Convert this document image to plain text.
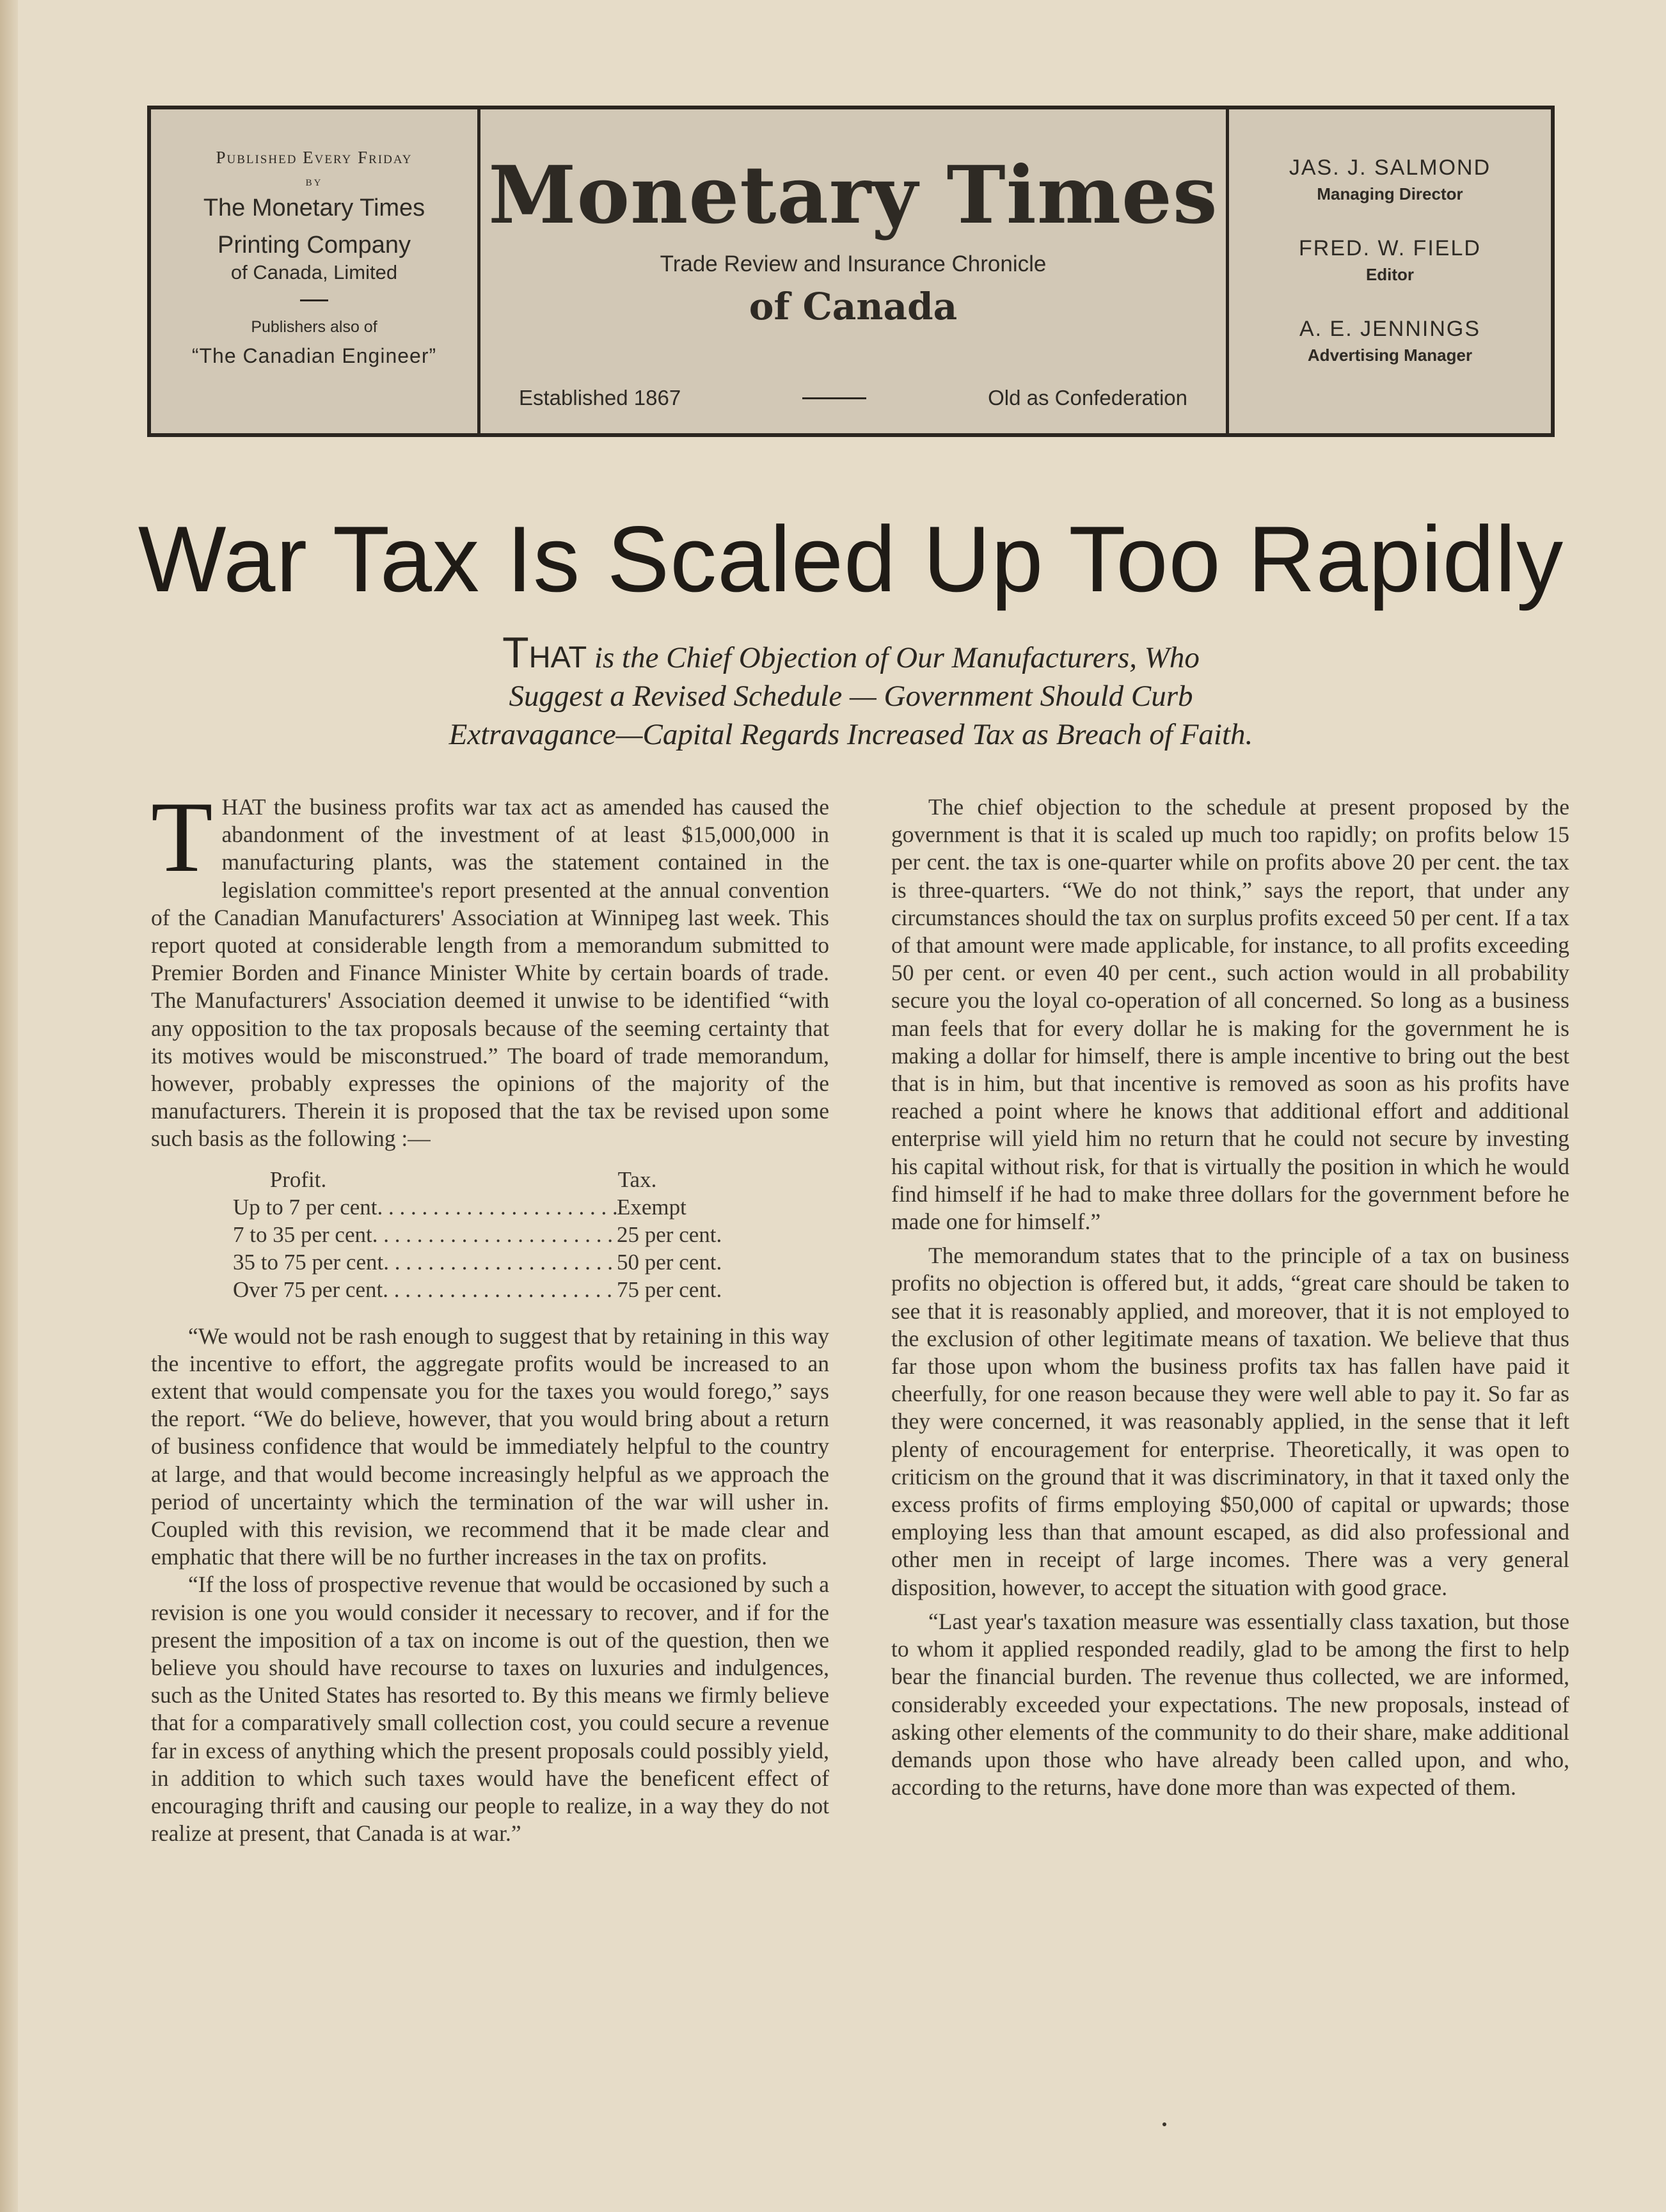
Published Every Friday
by
The Monetary Times
Printing Company
of Canada, Limited
Publishers also of
“The Canadian Engineer”
Monetary Times
Trade Review and Insurance Chronicle
of Canada
Established 1867	Old as Confederation
JAS. J. SALMOND
Managing Director
FRED. W. FIELD
Editor
A. E. JENNINGS
Advertising Manager
War Tax Is Scaled Up Too Rapidly
THAT is the Chief Objection of Our Manufacturers, Who
Suggest a Revised Schedule — Government Should Curb
Extravagance—Capital Regards Increased Tax as Breach of Faith.

THAT the business profits war tax act as amended has caused the abandonment of the investment of at least $15,000,000 in manufacturing plants, was the statement contained in the legislation committee's report presented at the annual convention of the Canadian Manufacturers' Association at Winnipeg last week. This report quoted at considerable length from a memorandum submitted to Premier Borden and Finance Minister White by certain boards of trade. The Manufacturers' Association deemed it unwise to be identified “with any opposition to the tax proposals because of the seeming certainty that its motives would be misconstrued.” The board of trade memorandum, however, probably expresses the opinions of the majority of the manufacturers. Therein it is proposed that the tax be revised upon some such basis as the following :—

Profit.	Tax.
Up to 7 per cent. . . .	Exempt
7 to 35 per cent. . . .	25 per cent.
35 to 75 per cent. . . .	50 per cent.
Over 75 per cent. . . .	75 per cent.

“We would not be rash enough to suggest that by retaining in this way the incentive to effort, the aggregate profits would be increased to an extent that would compensate you for the taxes you would forego,” says the report. “We do believe, however, that you would bring about a return of business confidence that would be immediately helpful to the country at large, and that would become increasingly helpful as we approach the period of uncertainty which the termination of the war will usher in. Coupled with this revision, we recommend that it be made clear and emphatic that there will be no further increases in the tax on profits.

“If the loss of prospective revenue that would be occasioned by such a revision is one you would consider it necessary to recover, and if for the present the imposition of a tax on income is out of the question, then we believe you should have recourse to taxes on luxuries and indulgences, such as the United States has resorted to. By this means we firmly believe that for a comparatively small collection cost, you could secure a revenue far in excess of anything which the present proposals could possibly yield, in addition to which such taxes would have the beneficent effect of encouraging thrift and causing our people to realize, in a way they do not realize at present, that Canada is at war.”

The chief objection to the schedule at present proposed by the government is that it is scaled up much too rapidly; on profits below 15 per cent. the tax is one-quarter while on profits above 20 per cent. the tax is three-quarters. “We do not think,” says the report, that under any circumstances should the tax on surplus profits exceed 50 per cent. If a tax of that amount were made applicable, for instance, to all profits exceeding 50 per cent. or even 40 per cent., such action would in all probability secure you the loyal co-operation of all concerned. So long as a business man feels that for every dollar he is making for the government he is making a dollar for himself, there is ample incentive to bring out the best that is in him, but that incentive is removed as soon as his profits have reached a point where he knows that additional effort and additional enterprise will yield him no return that he could not secure by investing his capital without risk, for that is virtually the position in which he would find himself if he had to make three dollars for the government before he made one for himself.”

The memorandum states that to the principle of a tax on business profits no objection is offered but, it adds, “great care should be taken to see that it is reasonably applied, and moreover, that it is not employed to the exclusion of other legitimate means of taxation. We believe that thus far those upon whom the business profits tax has fallen have paid it cheerfully, for one reason because they were well able to pay it. So far as they were concerned, it was reasonably applied, in the sense that it left plenty of encouragement for enterprise. Theoretically, it was open to criticism on the ground that it was discriminatory, in that it taxed only the excess profits of firms employing $50,000 of capital or upwards; those employing less than that amount escaped, as did also professional and other men in receipt of large incomes. There was a very general disposition, however, to accept the situation with good grace.

“Last year's taxation measure was essentially class taxation, but those to whom it applied responded readily, glad to be among the first to help bear the financial burden. The revenue thus collected, we are informed, considerably exceeded your expectations. The new proposals, instead of asking other elements of the community to do their share, make additional demands upon those who have already been called upon, and who, according to the returns, have done more than was expected of them.
